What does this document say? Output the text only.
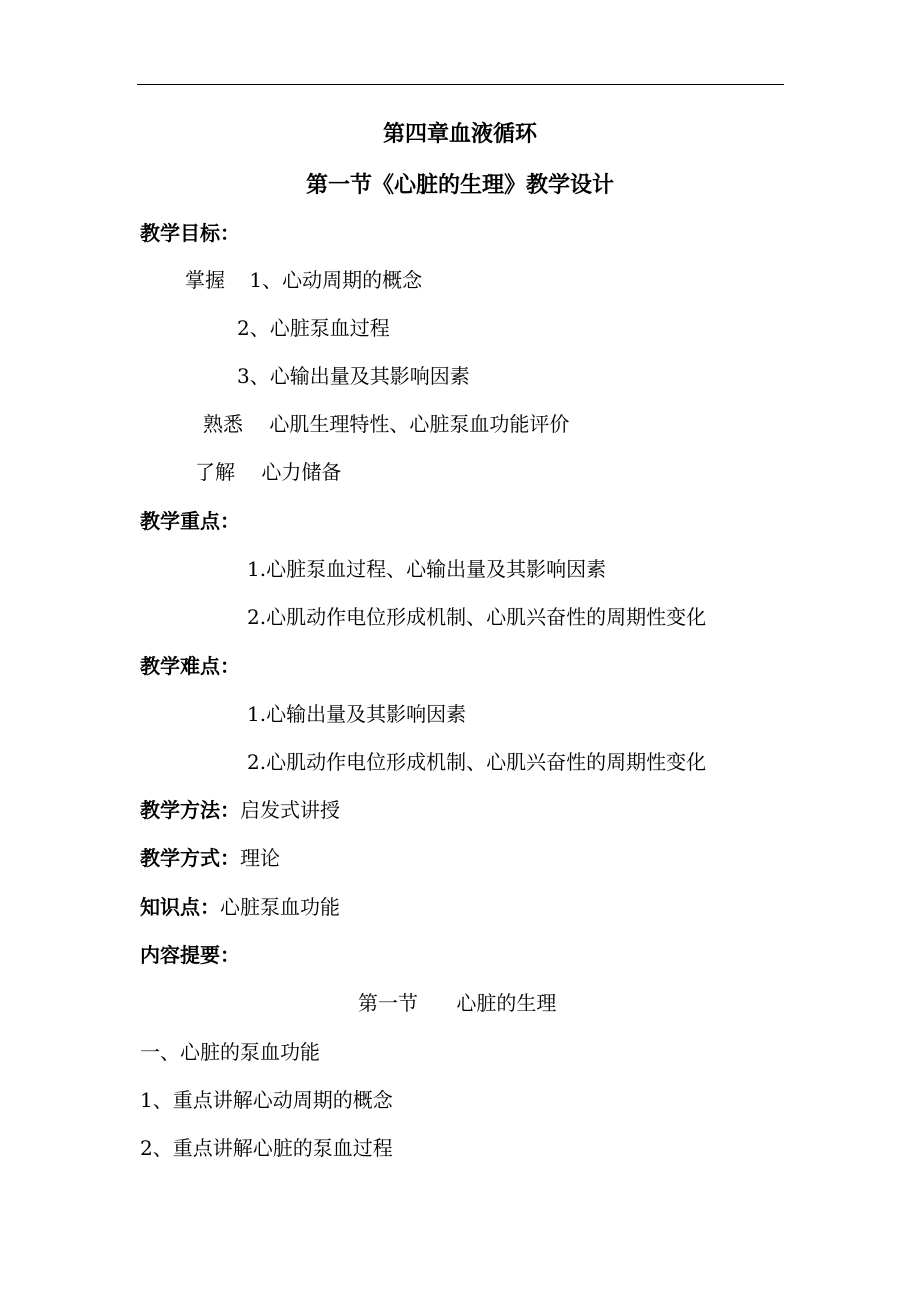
第四章血液循环
第一节《心脏的生理》教学设计
教学目标：
掌握 1、心动周期的概念
2、心脏泵血过程
3、心输出量及其影响因素
熟悉 心肌生理特性、心脏泵血功能评价
了解 心力储备
教学重点：
1.心脏泵血过程、心输出量及其影响因素
2.心肌动作电位形成机制、心肌兴奋性的周期性变化
教学难点：
1.心输出量及其影响因素
2.心肌动作电位形成机制、心肌兴奋性的周期性变化
教学方法：启发式讲授
教学方式：理论
知识点：心脏泵血功能
内容提要：
第一节 心脏的生理
一、心脏的泵血功能
1、重点讲解心动周期的概念
2、重点讲解心脏的泵血过程
